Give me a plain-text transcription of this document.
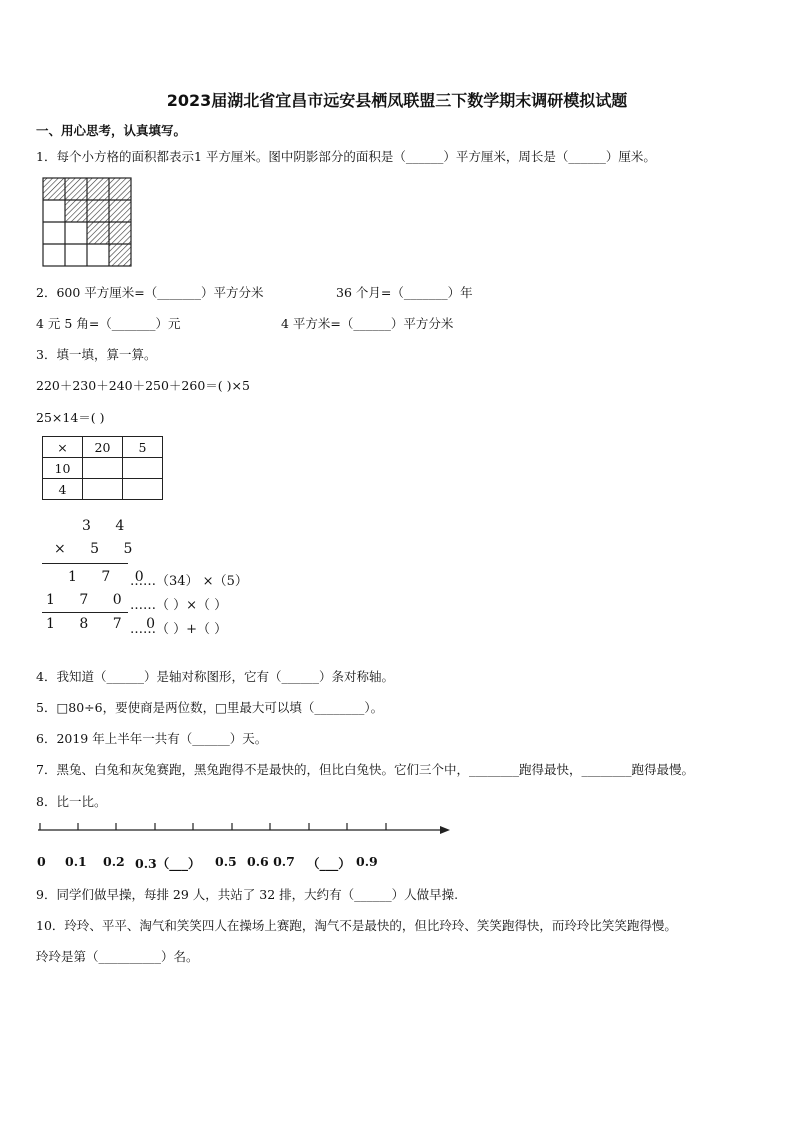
2023届湖北省宜昌市远安县栖凤联盟三下数学期末调研模拟试题
一、用心思考，认真填写。
1．每个小方格的面积都表示1 平方厘米。图中阴影部分的面积是（______）平方厘米，周长是（______）厘米。
2．600 平方厘米=（_______）平方分米	36 个月=（_______）年
4 元 5 角=（_______）元	4 平方米=（______）平方分米
3．填一填，算一算。
220＋230＋240＋250＋260＝( )×5
25×14＝( )
×	20	5
10		
4		
3 4
× 5 5
1 7 0
……（34） ×（5）
1 7 0
……（ ）×（ ）
1 8 7 0
……（ ）+（ ）
4．我知道（______）是轴对称图形，它有（______）条对称轴。
5．□80÷6，要使商是两位数，□里最大可以填（________）。
6．2019 年上半年一共有（______）天。
7．黑兔、白兔和灰兔赛跑，黑兔跑得不是最快的，但比白兔快。它们三个中，________跑得最快，________跑得最慢。
8．比一比。
0 0.1 0.2 0.3（___） 0.5 0.6 0.7 （___） 0.9
9．同学们做早操，每排 29 人，共站了 32 排，大约有（______）人做早操.
10．玲玲、平平、淘气和笑笑四人在操场上赛跑，淘气不是最快的，但比玲玲、笑笑跑得快，而玲玲比笑笑跑得慢。
玲玲是第（__________）名。
